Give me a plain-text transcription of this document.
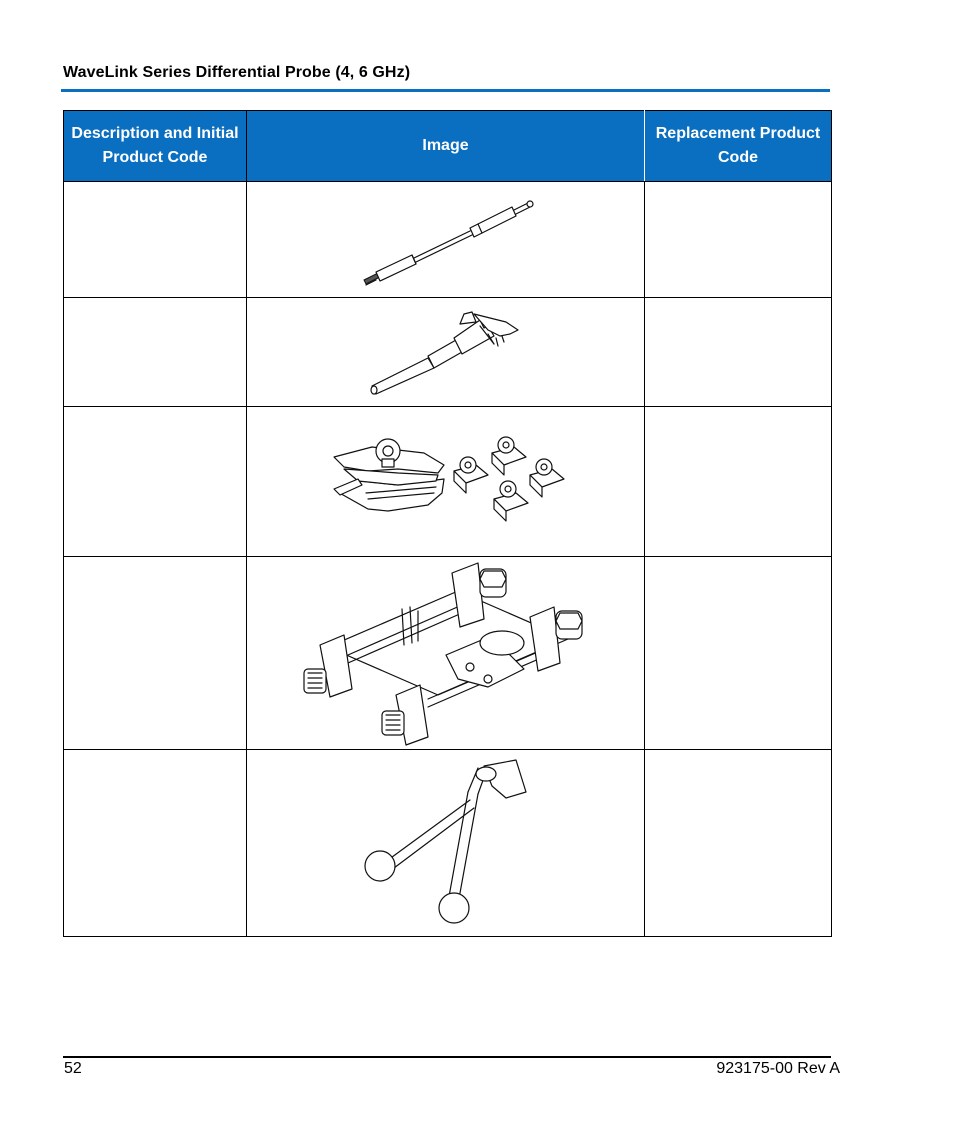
WaveLink Series Differential Probe (4, 6 GHz)
Description and Initial Product Code	Image	Replacement Product Code

52	923175-00 Rev A
